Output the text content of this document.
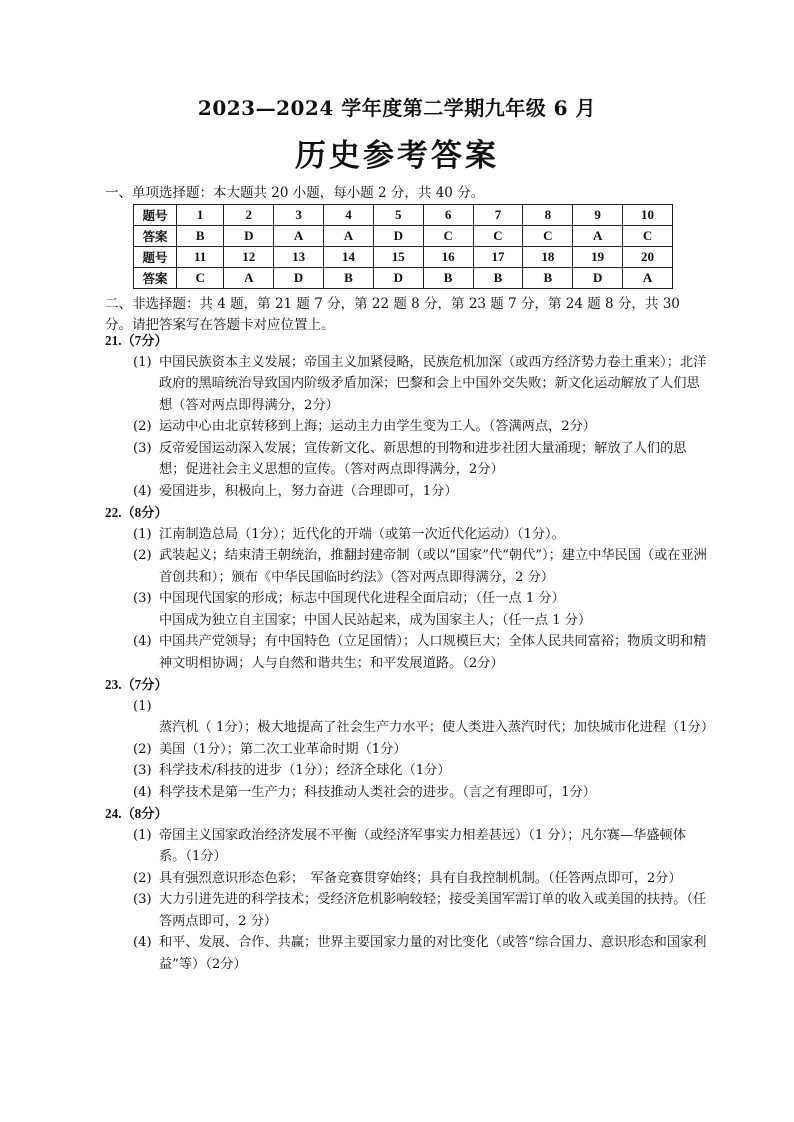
2023—2024 学年度第二学期九年级 6 月
历史参考答案
一、单项选择题：本大题共 20 小题，每小题 2 分，共 40 分。
题号	1	2	3	4	5	6	7	8	9	10
答案	B	D	A	A	D	C	C	C	A	C
题号	11	12	13	14	15	16	17	18	19	20
答案	C	A	D	B	D	B	B	B	D	A
二、非选择题：共 4 题，第 21 题 7 分，第 22 题 8 分，第 23 题 7 分，第 24 题 8 分，共 30 分。请把答案写在答题卡对应位置上。
21.（7分）
(1) 中国民族资本主义发展；帝国主义加紧侵略，民族危机加深（或西方经济势力卷土重来）；北洋政府的黑暗统治导致国内阶级矛盾加深；巴黎和会上中国外交失败；新文化运动解放了人们思想（答对两点即得满分，2分）
(2) 运动中心由北京转移到上海；运动主力由学生变为工人。（答满两点，2分）
(3) 反帝爱国运动深入发展；宣传新文化、新思想的刊物和进步社团大量涌现；解放了人们的思想；促进社会主义思想的宣传。（答对两点即得满分，2分）
(4) 爱国进步，积极向上，努力奋进（合理即可，1分）
22.（8分）
(1) 江南制造总局（1分）；近代化的开端（或第一次近代化运动）（1分）。
(2) 武装起义；结束清王朝统治，推翻封建帝制（或以“国家”代“朝代”）；建立中华民国（或在亚洲首创共和）；颁布《中华民国临时约法》（答对两点即得满分，2 分）
(3) 中国现代国家的形成；标志中国现代化进程全面启动；（任一点 1 分）
中国成为独立自主国家；中国人民站起来，成为国家主人；（任一点 1 分）
(4) 中国共产党领导；有中国特色（立足国情）；人口规模巨大；全体人民共同富裕；物质文明和精神文明相协调；人与自然和谐共生；和平发展道路。（2分）
23.（7分）
(1)蒸汽机（ 1分）；极大地提高了社会生产力水平；使人类进入蒸汽时代；加快城市化进程（1分）
(2) 美国（1分）；第二次工业革命时期（1分）
(3) 科学技术/科技的进步（1分）；经济全球化（1分）
(4) 科学技术是第一生产力；科技推动人类社会的进步。（言之有理即可，1分）
24.（8分）
(1) 帝国主义国家政治经济发展不平衡（或经济军事实力相差甚远）（1 分）；凡尔赛—华盛顿体系。（1分）
(2) 具有强烈意识形态色彩；　军备竞赛贯穿始终；具有自我控制机制。（任答两点即可，2分）
(3) 大力引进先进的科学技术；受经济危机影响较轻；接受美国军需订单的收入或美国的扶持。（任答两点即可，2 分）
(4) 和平、发展、合作、共赢；世界主要国家力量的对比变化（或答“综合国力、意识形态和国家利益”等）（2分）
